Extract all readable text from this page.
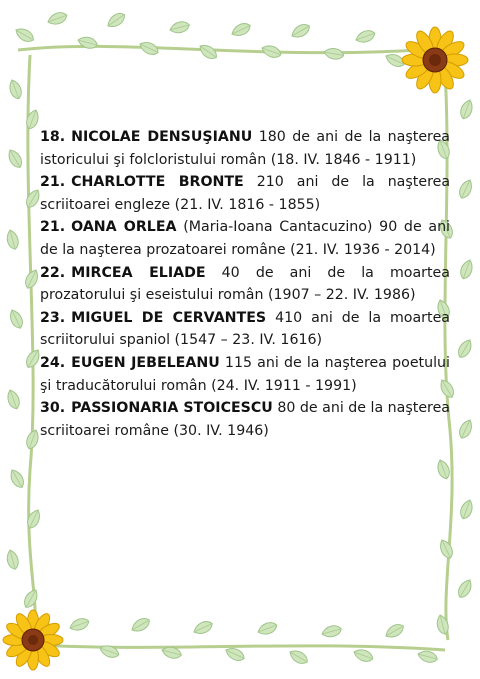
18. NICOLAE DENSUŞIANU 180 de ani de la naşterea istoricului şi folcloristului român (18. IV. 1846 - 1911)

21. CHARLOTTE BRONTE 210 ani de la naşterea scriitoarei engleze (21. IV. 1816 - 1855)

21. OANA ORLEA (Maria-Ioana Cantacuzino) 90 de ani de la naşterea prozatoarei române (21. IV. 1936 - 2014)

22. MIRCEA ELIADE 40 de ani de la moartea prozatorului şi eseistului român (1907 – 22. IV. 1986)

23. MIGUEL DE CERVANTES 410 ani de la moartea scriitorului spaniol (1547 – 23. IV. 1616)

24. EUGEN JEBELEANU 115 ani de la naşterea poetului şi traducătorului român (24. IV. 1911 - 1991)

30. PASSIONARIA STOICESCU 80 de ani de la naşterea scriitoarei române (30. IV. 1946)
